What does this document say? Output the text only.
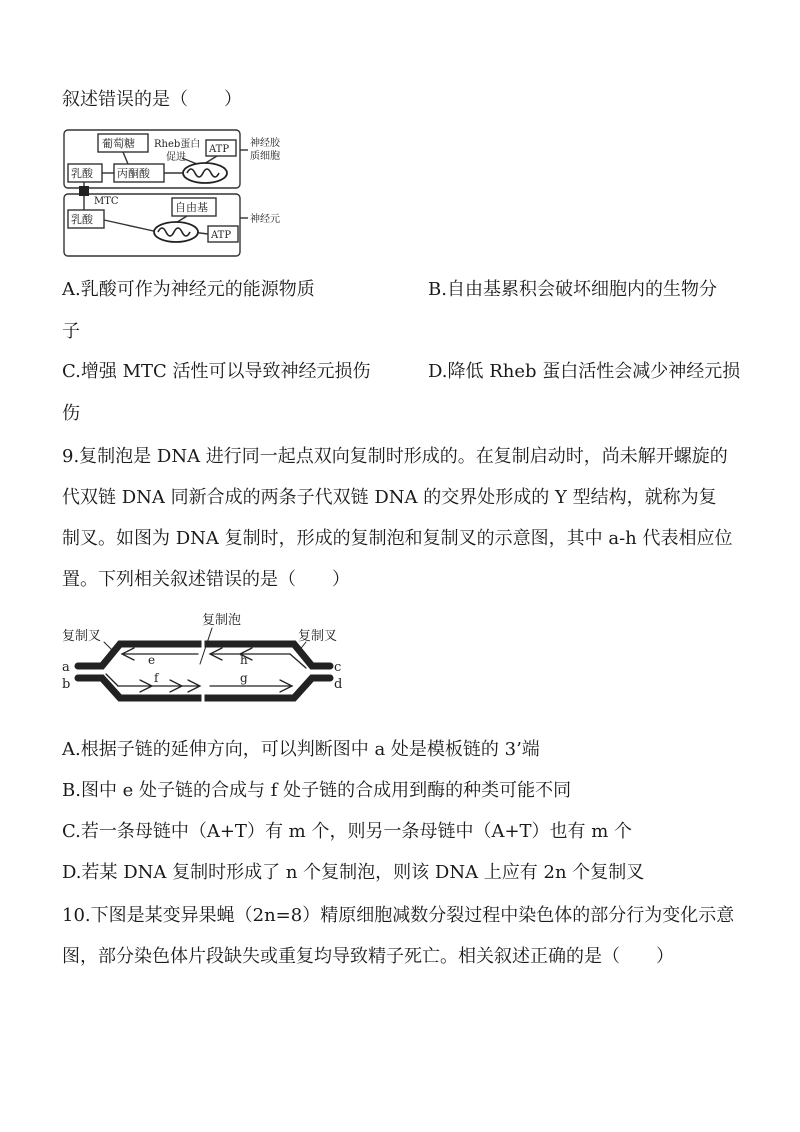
叙述错误的是（　　）
葡萄糖
丙酮酸
乳酸
Rheb蛋白
促进
ATP
神经胶
质细胞
MTC	自由基
乳酸
ATP
神经元
A.乳酸可作为神经元的能源物质	B.自由基累积会破坏细胞内的生物分
子
C.增强 MTC 活性可以导致神经元损伤	D.降低 Rheb 蛋白活性会减少神经元损
伤
9.复制泡是 DNA 进行同一起点双向复制时形成的。在复制启动时，尚未解开螺旋的
代双链 DNA 同新合成的两条子代双链 DNA 的交界处形成的 Y 型结构，就称为复
制叉。如图为 DNA 复制时，形成的复制泡和复制叉的示意图，其中 a-h 代表相应位
置。下列相关叙述错误的是（　　）
复制叉
复制泡
复制叉
a
b
c
d
e
f	g
h
A.根据子链的延伸方向，可以判断图中 a 处是模板链的 3’端
B.图中 e 处子链的合成与 f 处子链的合成用到酶的种类可能不同
C.若一条母链中（A+T）有 m 个，则另一条母链中（A+T）也有 m 个
D.若某 DNA 复制时形成了 n 个复制泡，则该 DNA 上应有 2n 个复制叉
10.下图是某变异果蝇（2n=8）精原细胞减数分裂过程中染色体的部分行为变化示意
图，部分染色体片段缺失或重复均导致精子死亡。相关叙述正确的是（　　）
